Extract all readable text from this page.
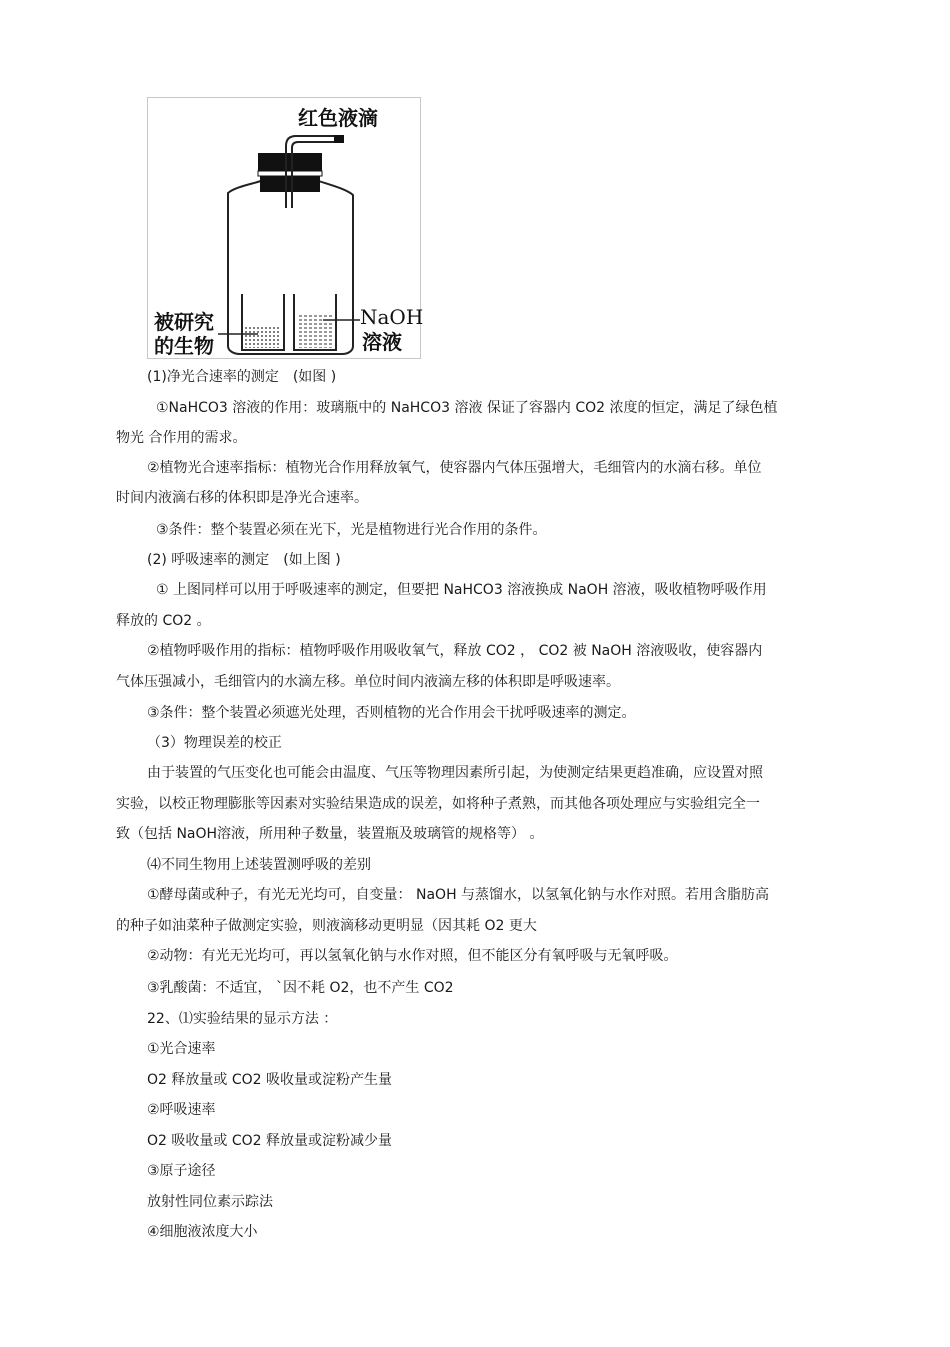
红色液滴
被研究
的生物
NaOH
溶液
(1)净光合速率的测定　(如图 )
①NaHCO3 溶液的作用：玻璃瓶中的 NaHCO3 溶液 保证了容器内 CO2 浓度的恒定，满足了绿色植
物光 合作用的需求。
②植物光合速率指标：植物光合作用释放氧气，使容器内气体压强增大，毛细管内的水滴右移。单位
时间内液滴右移的体积即是净光合速率。
③条件：整个装置必须在光下，光是植物进行光合作用的条件。
(2) 呼吸速率的测定　(如上图 )
① 上图同样可以用于呼吸速率的测定，但要把 NaHCO3 溶液换成 NaOH 溶液，吸收植物呼吸作用
释放的 CO2 。
②植物呼吸作用的指标：植物呼吸作用吸收氧气，释放 CO2 ， CO2 被 NaOH 溶液吸收，使容器内
气体压强减小，毛细管内的水滴左移。单位时间内液滴左移的体积即是呼吸速率。
③条件：整个装置必须遮光处理，否则植物的光合作用会干扰呼吸速率的测定。
（3）物理误差的校正
由于装置的气压变化也可能会由温度、气压等物理因素所引起，为使测定结果更趋准确，应设置对照
实验，以校正物理膨胀等因素对实验结果造成的误差，如将种子煮熟，而其他各项处理应与实验组完全一
致（包括 NaOH溶液，所用种子数量，装置瓶及玻璃管的规格等） 。
⑷不同生物用上述装置测呼吸的差别
①酵母菌或种子，有光无光均可，自变量： NaOH 与蒸馏水，以氢氧化钠与水作对照。若用含脂肪高
的种子如油菜种子做测定实验，则液滴移动更明显（因其耗 O2 更大
②动物：有光无光均可，再以氢氧化钠与水作对照，但不能区分有氧呼吸与无氧呼吸。
③乳酸菌：不适宜， `因不耗 O2，也不产生 CO2
22、⑴实验结果的显示方法 ：
①光合速率
O2 释放量或 CO2 吸收量或淀粉产生量
②呼吸速率
O2 吸收量或 CO2 释放量或淀粉减少量
③原子途径
放射性同位素示踪法
④细胞液浓度大小
